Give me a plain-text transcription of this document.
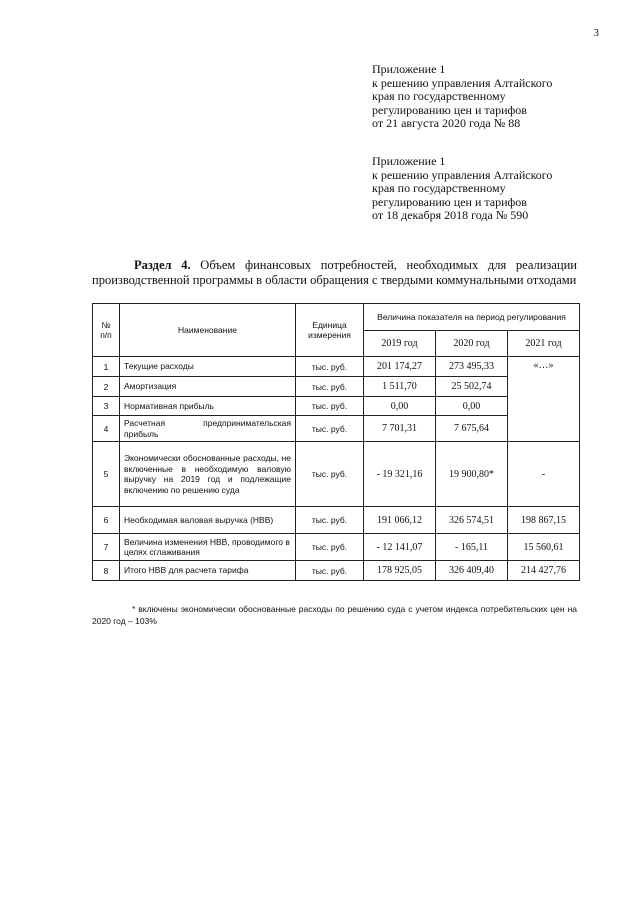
3
Приложение 1
к решению управления Алтайского
края по государственному
регулированию цен и тарифов
от 21 августа 2020 года № 88
Приложение 1
к решению управления Алтайского
края по государственному
регулированию цен и тарифов
от 18 декабря 2018 года № 590
Раздел 4. Объем финансовых потребностей, необходимых для реализации производственной программы в области обращения с твердыми коммунальными отходами
№ п/п	Наименование	Единица измерения	Величина показателя на период регулирования		
			2019 год	2020 год	2021 год
1	Текущие расходы	тыс. руб.	201 174,27	273 495,33	«…»
2	Амортизация	тыс. руб.	1 511,70	25 502,74	
3	Нормативная прибыль	тыс. руб.	0,00	0,00	
4	Расчетная предпринимательская прибыль	тыс. руб.	7 701,31	7 675,64	
5	Экономически обоснованные расходы, не включенные в необходимую валовую выручку на 2019 год и подлежащие включению по решению суда	тыс. руб.	- 19 321,16	19 900,80*	-
6	Необходимая валовая выручка (НВВ)	тыс. руб.	191 066,12	326 574,51	198 867,15
7	Величина изменения НВВ, проводимого в целях сглаживания	тыс. руб.	- 12 141,07	- 165,11	15 560,61
8	Итого НВВ для расчета тарифа	тыс. руб.	178 925,05	326 409,40	214 427,76
* включены экономически обоснованные расходы по решению суда с учетом индекса потребительских цен на 2020 год – 103%
